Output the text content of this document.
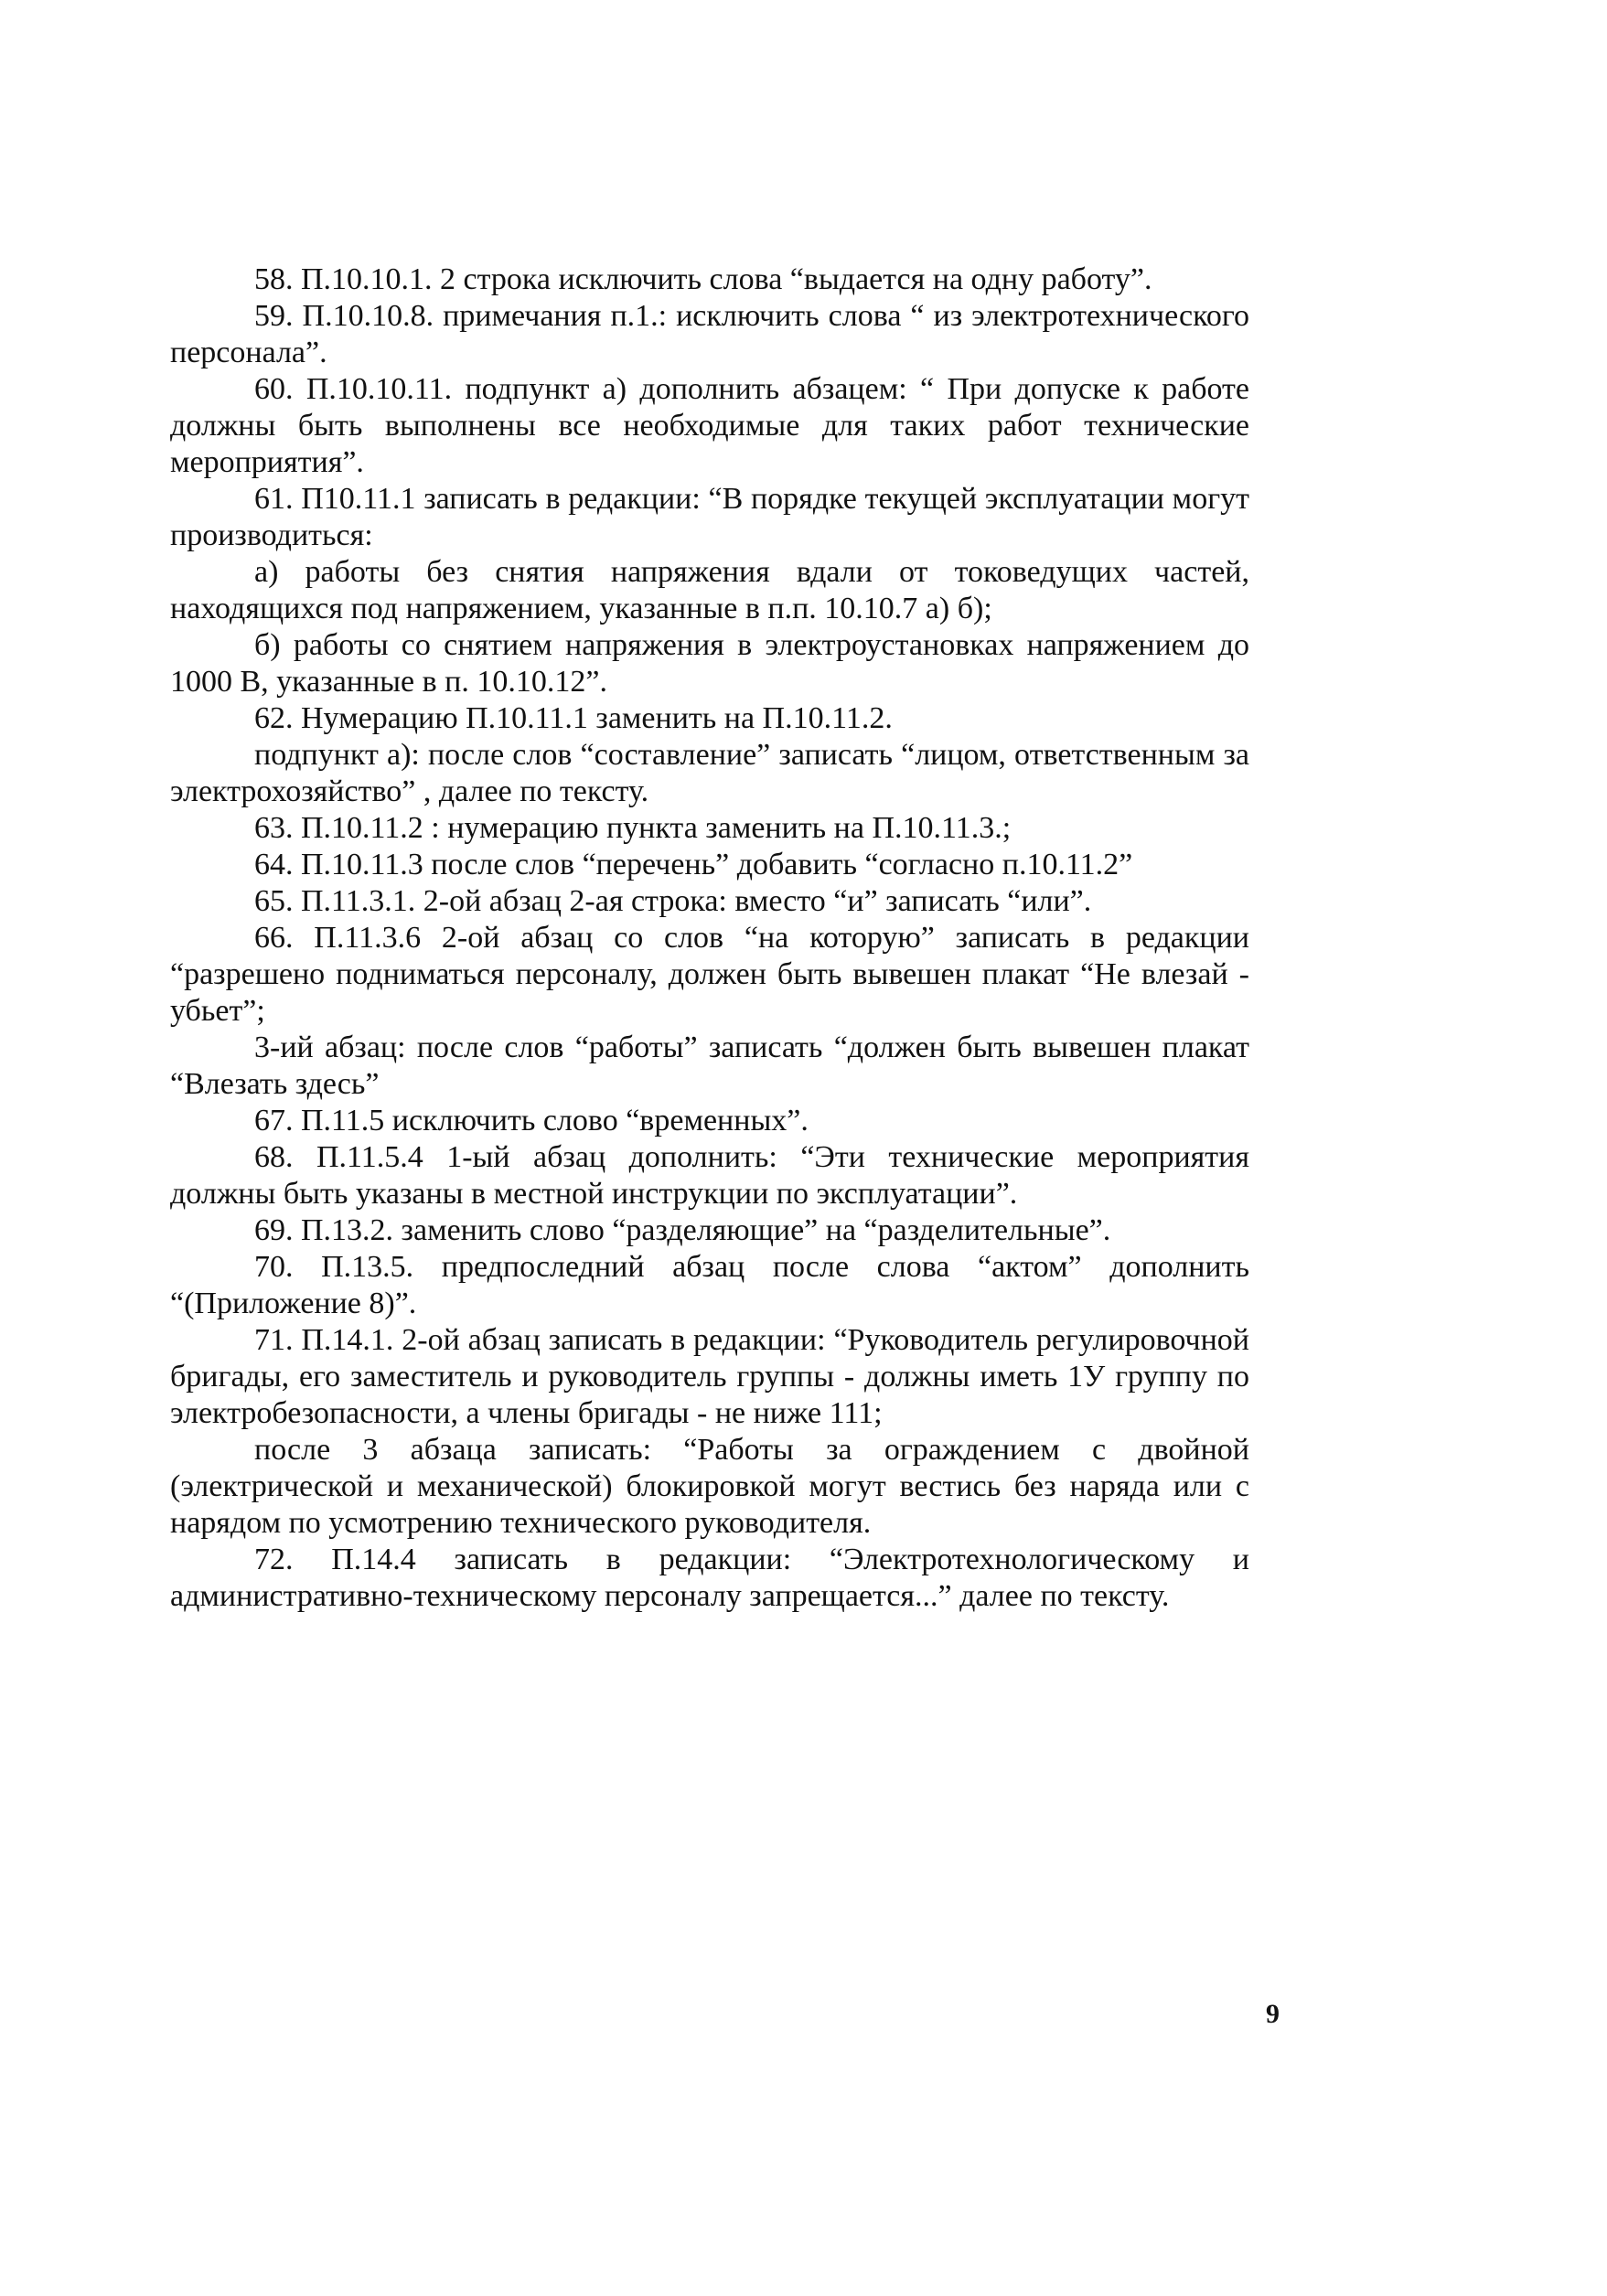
58. П.10.10.1. 2 строка исключить слова “выдается на одну работу”.

59. П.10.10.8. примечания п.1.: исключить слова “ из электротехнического персонала”.

60. П.10.10.11. подпункт а) дополнить абзацем: “ При допуске к работе должны быть выполнены все необходимые для таких работ технические мероприятия”.

61. П10.11.1 записать в редакции: “В порядке текущей эксплуатации могут производиться:

а) работы без снятия напряжения вдали от токоведущих частей, находящихся под напряжением, указанные в п.п. 10.10.7 а) б);

б) работы со снятием напряжения в электроустановках напряжением до 1000 В, указанные в п. 10.10.12”.

62. Нумерацию П.10.11.1 заменить на П.10.11.2.

подпункт а): после слов “составление” записать “лицом, ответственным за электрохозяйство” , далее по тексту.

63. П.10.11.2 : нумерацию пункта заменить на П.10.11.3.;

64. П.10.11.3 после слов “перечень” добавить “согласно п.10.11.2”

65. П.11.3.1. 2-ой абзац 2-ая строка: вместо “и” записать “или”.

66. П.11.3.6 2-ой абзац со слов “на которую” записать в редакции “разрешено подниматься персоналу, должен быть вывешен плакат “Не влезай - убьет”;

3-ий абзац: после слов “работы” записать “должен быть вывешен плакат “Влезать здесь”

67. П.11.5 исключить слово “временных”.

68. П.11.5.4 1-ый абзац дополнить: “Эти технические мероприятия должны быть указаны в местной инструкции по эксплуатации”.

69. П.13.2. заменить слово “разделяющие” на “разделительные”.

70. П.13.5. предпоследний абзац после слова “актом” дополнить “(Приложение 8)”.

71. П.14.1. 2-ой абзац записать в редакции: “Руководитель регулировочной бригады, его заместитель и руководитель группы - должны иметь 1У группу по электробезопасности, а члены бригады - не ниже 111;

после 3 абзаца записать: “Работы за ограждением с двойной (электрической и механической) блокировкой могут вестись без наряда или с нарядом по усмотрению технического руководителя.

72. П.14.4 записать в редакции: “Электротехнологическому и административно-техническому персоналу запрещается...” далее по тексту.

9
